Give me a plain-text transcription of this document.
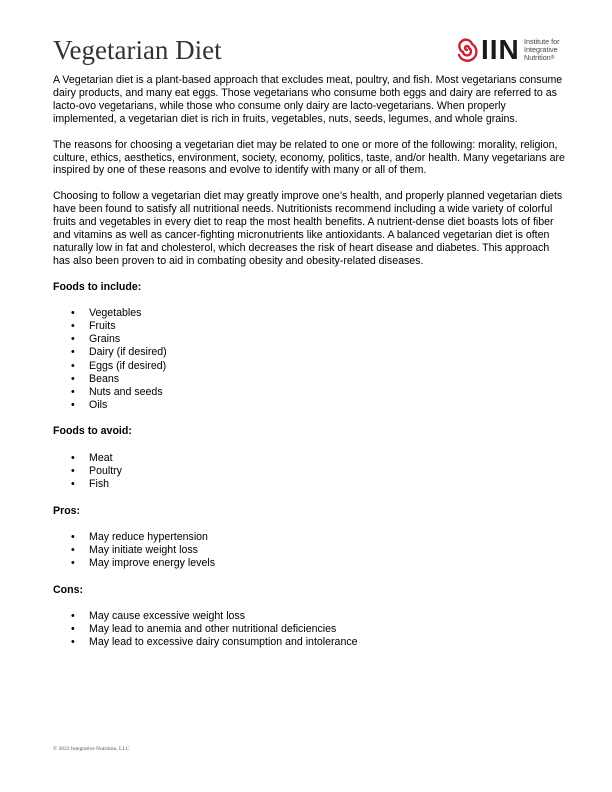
Vegetarian Diet	IIN Institute for
Integrative
Nutrition®

A Vegetarian diet is a plant-based approach that excludes meat, poultry, and fish. Most vegetarians consume dairy products, and many eat eggs. Those vegetarians who consume both eggs and dairy are referred to as lacto-ovo vegetarians, while those who consume only dairy are lacto-vegetarians. When properly implemented, a vegetarian diet is rich in fruits, vegetables, nuts, seeds, legumes, and whole grains.

The reasons for choosing a vegetarian diet may be related to one or more of the following: morality, religion, culture, ethics, aesthetics, environment, society, economy, politics, taste, and/or health. Many vegetarians are inspired by one of these reasons and evolve to identify with many or all of them.

Choosing to follow a vegetarian diet may greatly improve one’s health, and properly planned vegetarian diets have been found to satisfy all nutritional needs. Nutritionists recommend including a wide variety of colorful fruits and vegetables in every diet to reap the most health benefits. A nutrient-dense diet boasts lots of fiber and vitamins as well as cancer-fighting micronutrients like antioxidants. A balanced vegetarian diet is often naturally low in fat and cholesterol, which decreases the risk of heart disease and diabetes. This approach has also been proven to aid in combating obesity and obesity-related diseases.

Foods to include:
• Vegetables
• Fruits
• Grains
• Dairy (if desired)
• Eggs (if desired)
• Beans
• Nuts and seeds
• Oils
Foods to avoid:
• Meat
• Poultry
• Fish
Pros:
• May reduce hypertension
• May initiate weight loss
• May improve energy levels
Cons:
• May cause excessive weight loss
• May lead to anemia and other nutritional deficiencies
• May lead to excessive dairy consumption and intolerance
© 2022 Integrative Nutrition, LLC
